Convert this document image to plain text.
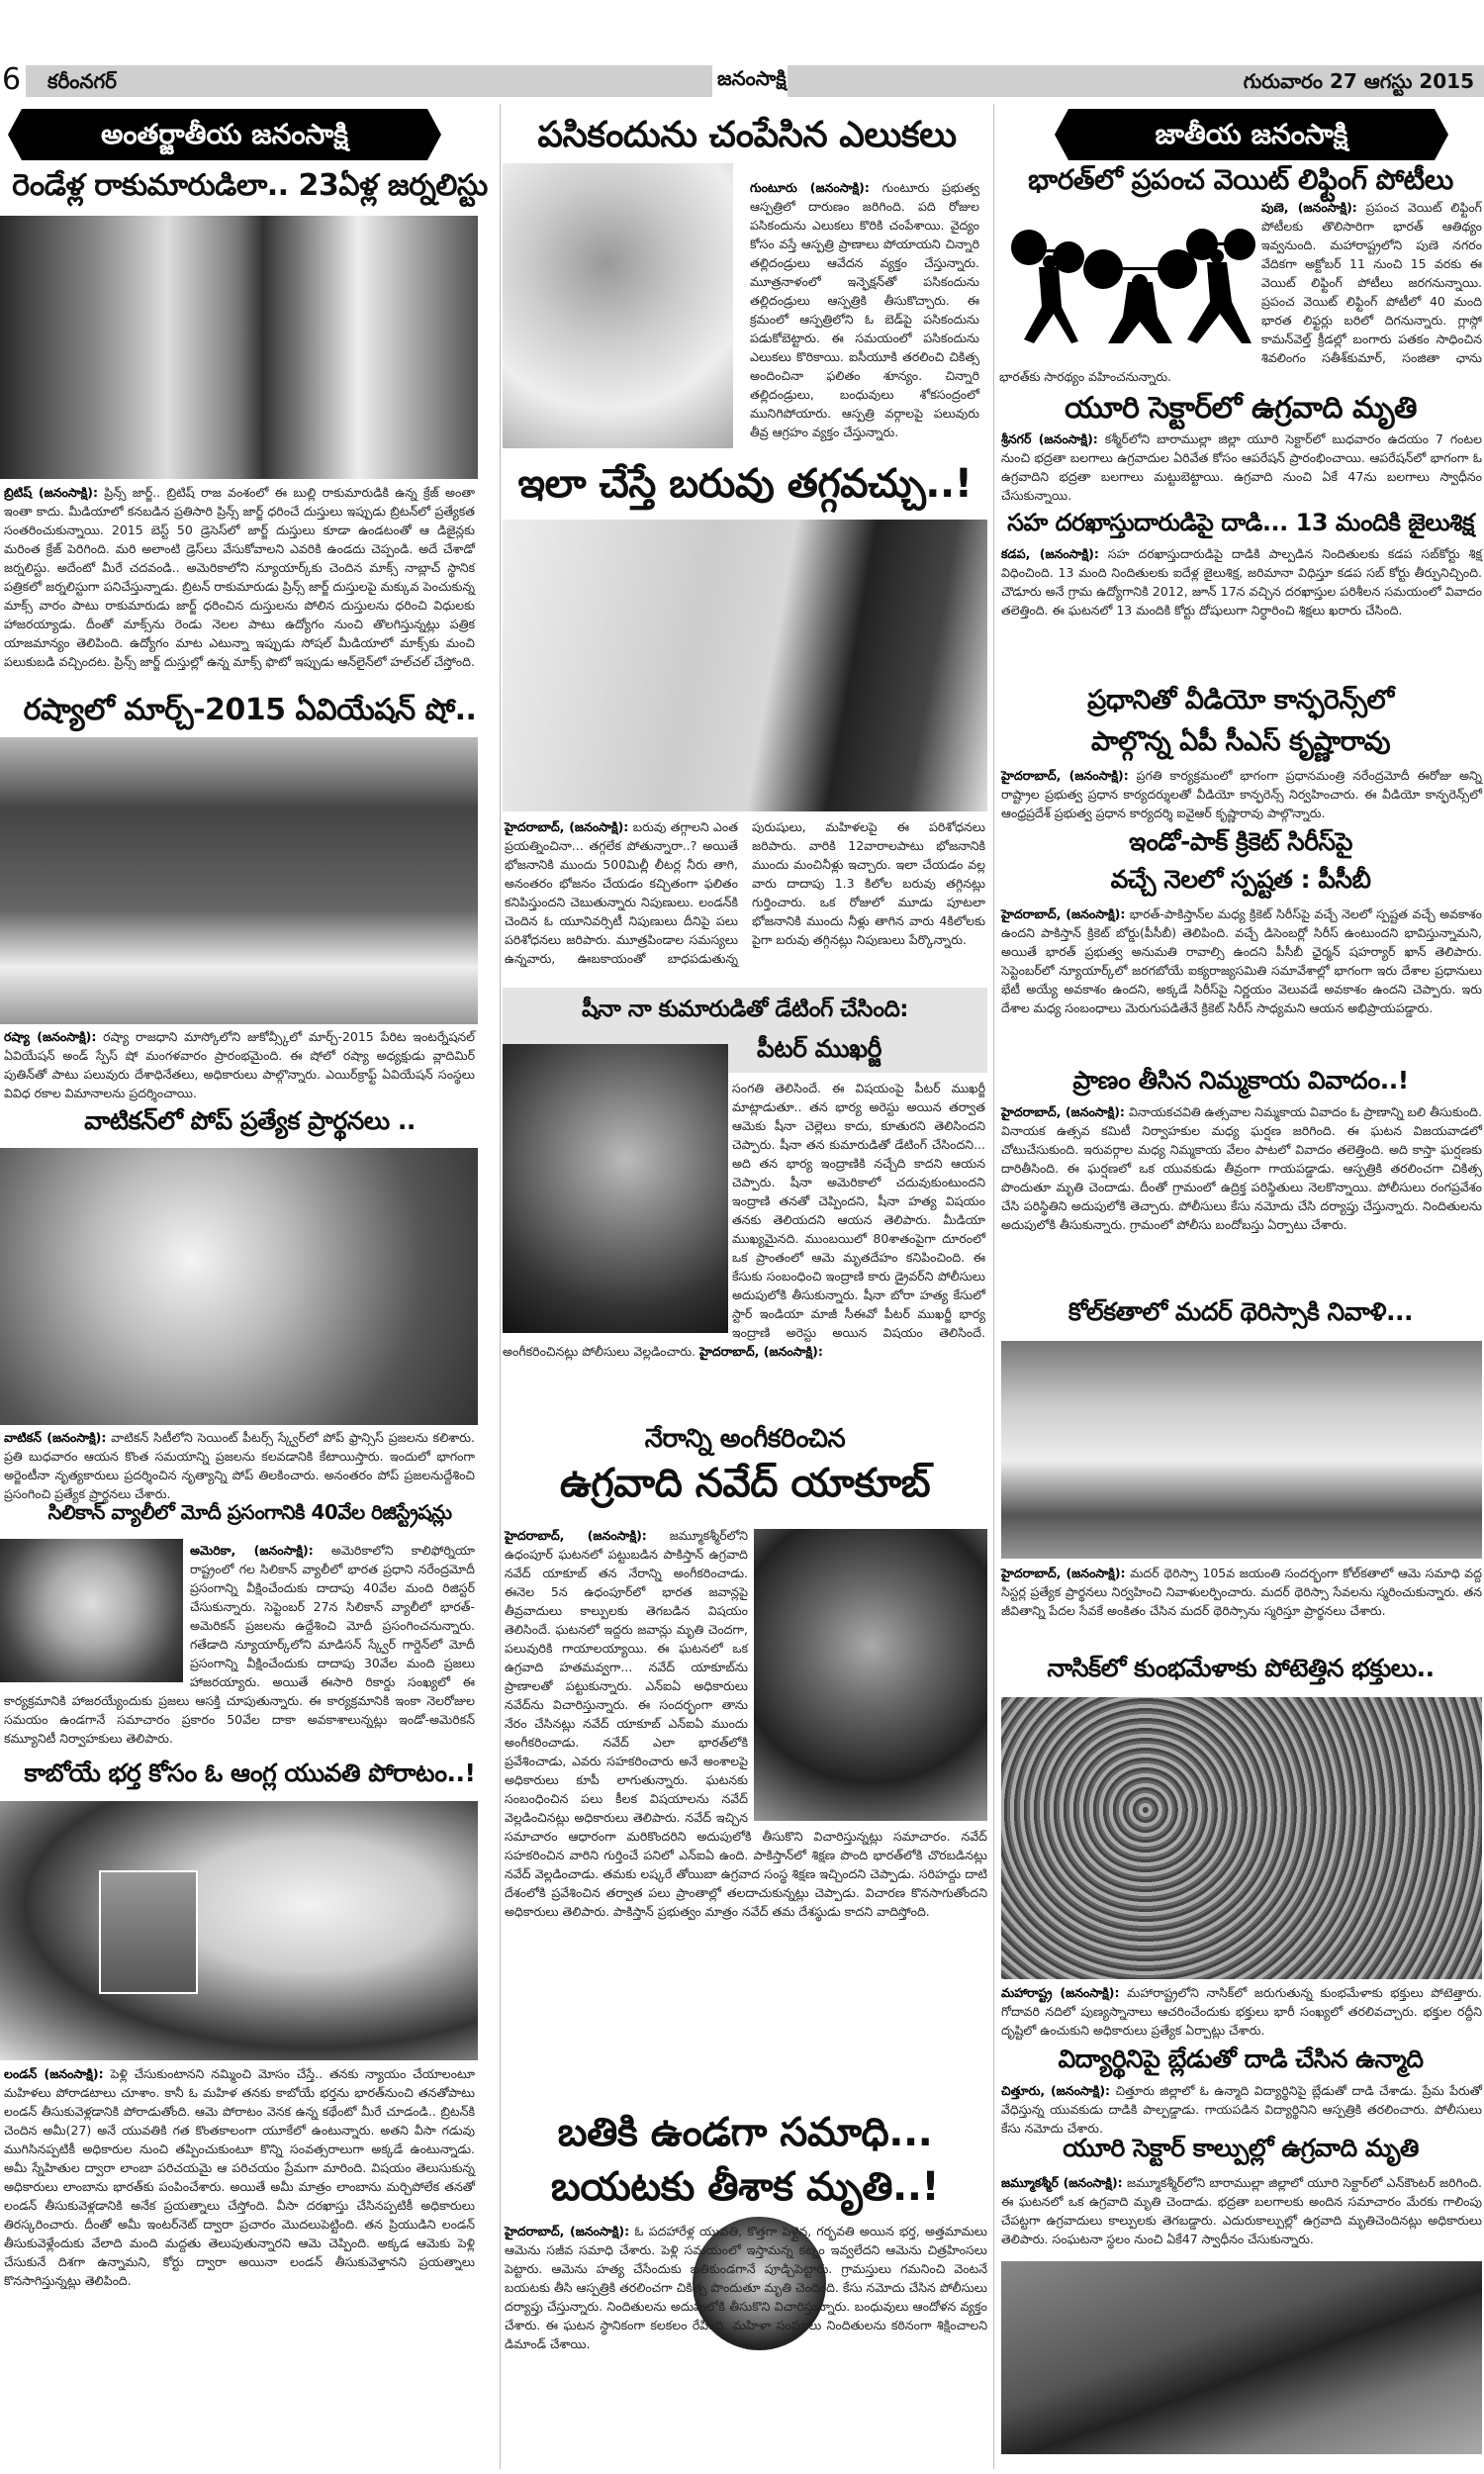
6 కరీంనగర్	జనంసాక్షి	గురువారం 27 ఆగస్టు 2015
అంతర్జాతీయ జనంసాక్షి
రెండేళ్ల రాకుమారుడిలా.. 23ఏళ్ల జర్నలిస్టు
బ్రిటిష్ (జనంసాక్షి): ప్రిన్స్ జార్జ్.. బ్రిటిష్ రాజ వంశంలో ఈ బుల్లి రాకుమారుడికి ఉన్న క్రేజ్ అంతా ఇంతా కాదు. మీడియాలో కనబడిన ప్రతిసారి ప్రిన్స్ జార్జ్ ధరించే దుస్తులు ఇప్పుడు బ్రిటన్‌లో ప్రత్యేకత సంతరించుకున్నాయి. 2015 బెస్ట్ 50 డ్రెసెస్‌లో జార్జ్ దుస్తులు కూడా ఉండటంతో ఆ డిజైన్లకు మరింత క్రేజ్ పెరిగింది. మరి అలాంటి డ్రెస్‌లు వేసుకోవాలని ఎవరికి ఉండదు చెప్పండి. అదే చేశాడో జర్నలిస్టు. అదేంటో మీరే చదవండి.. అమెరికాలోని న్యూయార్క్‌కు చెందిన మాక్స్ నాబ్లాచ్ స్థానిక పత్రికలో జర్నలిస్టుగా పనిచేస్తున్నాడు. బ్రిటన్ రాకుమారుడు ప్రిన్స్ జార్జ్ దుస్తులపై మక్కువ పెంచుకున్న మాక్స్ వారం పాటు రాకుమారుడు జార్జ్ ధరించిన దుస్తులను పోలిన దుస్తులను ధరించి విధులకు హాజరయ్యాడు. దీంతో మాక్స్‌ను రెండు నెలల పాటు ఉద్యోగం నుంచి తొలగిస్తున్నట్లు పత్రిక యాజమాన్యం తెలిపింది. ఉద్యోగం మాట ఎటున్నా ఇప్పుడు సోషల్ మీడియాలో మాక్స్‌కు మంచి పలుకుబడి వచ్చిందట. ప్రిన్స్ జార్జ్ దుస్తుల్లో ఉన్న మాక్స్ ఫొటో ఇప్పుడు ఆన్‌లైన్‌లో హల్‌చల్ చేస్తోంది.
రష్యాలో మార్చ్-2015 ఏవియేషన్ షో..
రష్యా (జనంసాక్షి): రష్యా రాజధాని మాస్కోలోని జుకోవ్స్కీలో మార్చ్-2015 పేరిట ఇంటర్నేషనల్ ఏవియేషన్ అండ్ స్పేస్ షో మంగళవారం ప్రారంభమైంది. ఈ షోలో రష్యా అధ్యక్షుడు వ్లాదిమిర్ పుతిన్‌తో పాటు పలువురు దేశాధినేతలు, అధికారులు పాల్గొన్నారు. ఎయిర్‌క్రాఫ్ట్ ఏవియేషన్ సంస్థలు వివిధ రకాల విమానాలను ప్రదర్శించాయి.
వాటికన్‌లో పోప్ ప్రత్యేక ప్రార్థనలు ..
వాటికన్ (జనంసాక్షి): వాటికన్ సిటీలోని సెయింట్ పీటర్స్ స్క్వేర్‌లో పోప్ ఫ్రాన్సిస్ ప్రజలను కలిశారు. ప్రతి బుధవారం ఆయన కొంత సమయాన్ని ప్రజలను కలవడానికి కేటాయిస్తారు. ఇందులో భాగంగా అర్జెంటీనా నృత్యకారులు ప్రదర్శించిన నృత్యాన్ని పోప్ తిలకించారు. అనంతరం పోప్ ప్రజలనుద్దేశించి ప్రసంగించి ప్రత్యేక ప్రార్థనలు చేశారు.
సిలికాన్ వ్యాలీలో మోదీ ప్రసంగానికి 40వేల రిజిస్ట్రేషన్లు
అమెరికా, (జనంసాక్షి): అమెరికాలోని కాలిఫోర్నియా రాష్ట్రంలో గల సిలికాన్ వ్యాలీలో భారత ప్రధాని నరేంద్రమోదీ ప్రసంగాన్ని వీక్షించేందుకు దాదాపు 40వేల మంది రిజిస్టర్ చేసుకున్నారు. సెప్టెంబర్ 27న సిలికాన్ వ్యాలీలో భారత్-అమెరికన్ ప్రజలను ఉద్దేశించి మోదీ ప్రసంగించనున్నారు. గతేడాది న్యూయార్క్‌లోని మాడిసన్ స్క్వేర్ గార్డెన్‌లో మోదీ ప్రసంగాన్ని వీక్షించేందుకు దాదాపు 30వేల మంది ప్రజలు హాజరయ్యారు. అయితే ఈసారి రికార్డు సంఖ్యలో ఈ కార్యక్రమానికి హాజరయ్యేందుకు ప్రజలు ఆసక్తి చూపుతున్నారు. ఈ కార్యక్రమానికి ఇంకా నెలరోజుల సమయం ఉండగానే సమాచారం ప్రకారం 50వేల దాకా అవకాశాలున్నట్లు ఇండో-అమెరికన్ కమ్యూనిటీ నిర్వాహకులు తెలిపారు.
కాబోయే భర్త కోసం ఓ ఆంగ్ల యువతి పోరాటం..!
లండన్ (జనంసాక్షి): పెళ్లి చేసుకుంటానని నమ్మించి మోసం చేస్తే.. తనకు న్యాయం చేయాలంటూ మహిళలు పోరాడటాలు చూశాం. కానీ ఓ మహిళ తనకు కాబోయే భర్తను భారత్‌నుంచి తనతోపాటు లండన్ తీసుకువెళ్లడానికి పోరాడుతోంది. ఆమె పోరాటం వెనక ఉన్న కథేంటో మీరే చూడండి.. బ్రిటన్‌కి చెందిన అమీ(27) అనే యువతికి గత కొంతకాలంగా యూకేలో ఉంటున్నారు. అతని వీసా గడువు ముగిసినప్పటికీ అధికారుల నుంచి తప్పించుకుంటూ కొన్ని సంవత్సరాలుగా అక్కడే ఉంటున్నాడు. అమీ స్నేహితుల ద్వారా లాంబా పరిచయమై ఆ పరిచయం ప్రేమగా మారింది. విషయం తెలుసుకున్న అధికారులు లాంబాను భారత్‌కు పంపించేశారు. అయితే అమీ మాత్రం లాంబాను మర్చిపోలేక తనతో లండన్ తీసుకువెళ్లడానికి అనేక ప్రయత్నాలు చేస్తోంది. వీసా దరఖాస్తు చేసినప్పటికీ అధికారులు తిరస్కరించారు. దీంతో అమీ ఇంటర్‌నెట్ ద్వారా ప్రచారం మొదలుపెట్టింది. తన ప్రియుడిని లండన్ తీసుకువెళ్లేందుకు వేలాది మంది మద్దతు తెలుపుతున్నారని ఆమె చెప్పింది. అక్కడ ఆమెకు పెళ్లి చేసుకునే దిశగా ఉన్నామని, కోర్టు ద్వారా అయినా లండన్ తీసుకువెళ్తానని ప్రయత్నాలు కొనసాగిస్తున్నట్లు తెలిపింది.
పసికందును చంపేసిన ఎలుకలు
గుంటూరు (జనంసాక్షి): గుంటూరు ప్రభుత్వ ఆస్పత్రిలో దారుణం జరిగింది. పది రోజుల పసికందును ఎలుకలు కొరికి చంపేశాయి. వైద్యం కోసం వస్తే ఆస్పత్రి ప్రాణాలు పోయాయని చిన్నారి తల్లిదండ్రులు ఆవేదన వ్యక్తం చేస్తున్నారు. మూత్రనాళంలో ఇన్ఫెక్షన్‌తో పసికందును తల్లిదండ్రులు ఆస్పత్రికి తీసుకొచ్చారు. ఈ క్రమంలో ఆస్పత్రిలోని ఓ బెడ్‌పై పసికందును పడుకోబెట్టారు. ఈ సమయంలో పసికందును ఎలుకలు కొరికాయి. ఐసీయూకి తరలించి చికిత్స అందించినా ఫలితం శూన్యం. చిన్నారి తల్లిదండ్రులు, బంధువులు శోకసంద్రంలో మునిగిపోయారు. ఆస్పత్రి వర్గాలపై పలువురు తీవ్ర ఆగ్రహం వ్యక్తం చేస్తున్నారు.
ఇలా చేస్తే బరువు తగ్గవచ్చు..!
హైదరాబాద్, (జనంసాక్షి): బరువు తగ్గాలని ఎంత ప్రయత్నించినా... తగ్గలేక పోతున్నారా..? అయితే భోజనానికి ముందు 500మిల్లీ లీటర్ల నీరు తాగి, అనంతరం భోజనం చేయడం కచ్చితంగా ఫలితం కనిపిస్తుందని చెబుతున్నారు నిపుణులు. లండన్‌కి చెందిన ఓ యూనివర్సిటీ నిపుణులు దీనిపై పలు పరిశోధనలు జరిపారు. మూత్రపిండాల సమస్యలు ఉన్నవారు, ఊబకాయంతో బాధపడుతున్న పురుషులు, మహిళలపై ఈ పరిశోధనలు జరిపారు. వారికి 12వారాలపాటు భోజనానికి ముందు మంచినీళ్లు ఇచ్చారు. ఇలా చేయడం వల్ల వారు దాదాపు 1.3 కిలోల బరువు తగ్గినట్లు గుర్తించారు. ఒక రోజులో మూడు పూటలా భోజనానికి ముందు నీళ్లు తాగిన వారు 4కిలోలకు పైగా బరువు తగ్గినట్లు నిపుణులు పేర్కొన్నారు.
షీనా నా కుమారుడితో డేటింగ్ చేసింది:
పీటర్ ముఖర్జీ
సంగతి తెలిసిందే. ఈ విషయంపై పీటర్ ముఖర్జీ మాట్లాడుతూ.. తన భార్య అరెస్టు అయిన తర్వాత ఆమెకు షీనా చెల్లెలు కాదు, కూతురని తెలిసిందని చెప్పారు. షీనా తన కుమారుడితో డేటింగ్ చేసిందని... అది తన భార్య ఇంద్రాణికి నచ్చేది కాదని ఆయన చెప్పారు. షీనా అమెరికాలో చదువుకుంటుందని ఇంద్రాణి తనతో చెప్పిందని, షీనా హత్య విషయం తనకు తెలియదని ఆయన తెలిపారు. మీడియా ముఖ్యమైనది. ముంబయిలో 80శాతంపైగా దూరంలో ఒక ప్రాంతంలో ఆమె మృతదేహం కనిపించింది. ఈ కేసుకు సంబంధించి ఇంద్రాణి కారు డ్రైవర్‌ని పోలీసులు అదుపులోకి తీసుకున్నారు. షీనా బోరా హత్య కేసులో స్టార్ ఇండియా మాజీ సీఈవో పీటర్ ముఖర్జీ భార్య ఇంద్రాణి అరెస్టు అయిన విషయం తెలిసిందే. అంగీకరించినట్లు పోలీసులు వెల్లడించారు. హైదరాబాద్, (జనంసాక్షి):
నేరాన్ని అంగీకరించిన
ఉగ్రవాది నవేద్ యాకూబ్
హైదరాబాద్, (జనంసాక్షి): జమ్మూకశ్మీర్‌లోని ఉధంపూర్ ఘటనలో పట్టుబడిన పాకిస్తాన్ ఉగ్రవాది నవేద్ యాకూబ్ తన నేరాన్ని అంగీకరించాడు. ఈనెల 5న ఉధంపూర్‌లో భారత జవాన్లపై తీవ్రవాదులు కాల్పులకు తెగబడిన విషయం తెలిసిందే. ఘటనలో ఇద్దరు జవాన్లు మృతి చెందగా, పలువురికి గాయాలయ్యాయి. ఈ ఘటనలో ఒక ఉగ్రవాది హతమవ్వగా... నవేద్ యాకూబ్‌ను ప్రాణాలతో పట్టుకున్నారు. ఎన్‌ఐఏ అధికారులు నవేద్‌ను విచారిస్తున్నారు. ఈ సందర్భంగా తాను నేరం చేసినట్లు నవేద్ యాకూబ్ ఎన్‌ఐఏ ముందు అంగీకరించాడు. నవేద్ ఎలా భారత్‌లోకి ప్రవేశించాడు, ఎవరు సహకరించారు అనే అంశాలపై అధికారులు కూపీ లాగుతున్నారు. ఘటనకు సంబంధించిన పలు కీలక విషయాలను నవేద్ వెల్లడించినట్లు అధికారులు తెలిపారు. నవేద్ ఇచ్చిన సమాచారం ఆధారంగా మరికొందరిని అదుపులోకి తీసుకొని విచారిస్తున్నట్లు సమాచారం. నవేద్ సహకరించిన వారిని గుర్తించే పనిలో ఎన్‌ఐఏ ఉంది. పాకిస్తాన్‌లో శిక్షణ పొంది భారత్‌లోకి చొరబడినట్లు నవేద్ వెల్లడించాడు. తమకు లష్కరే తోయిబా ఉగ్రవాద సంస్థ శిక్షణ ఇచ్చిందని చెప్పాడు. సరిహద్దు దాటి దేశంలోకి ప్రవేశించిన తర్వాత పలు ప్రాంతాల్లో తలదాచుకున్నట్లు చెప్పాడు. విచారణ కొనసాగుతోందని అధికారులు తెలిపారు. పాకిస్తాన్ ప్రభుత్వం మాత్రం నవేద్ తమ దేశస్థుడు కాదని వాదిస్తోంది.
బతికి ఉండగా సమాధి...
బయటకు తీశాక మృతి..!
హైదరాబాద్, (జనంసాక్షి): ఓ పదహారేళ్ల యువతి, కొత్తగా పెళ్లైన, గర్భవతి అయిన భర్త, అత్తమామలు ఆమెను సజీవ సమాధి చేశారు. పెళ్లి సమయంలో ఇస్తామన్న కట్నం ఇవ్వలేదని ఆమెను చిత్రహింసలు పెట్టారు. ఆమెను హత్య చేసేందుకు బతికుండగానే పూడ్చిపెట్టారు. గ్రామస్తులు గమనించి వెంటనే బయటకు తీసి ఆస్పత్రికి తరలించగా చికిత్స పొందుతూ మృతి చెందింది. కేసు నమోదు చేసిన పోలీసులు దర్యాప్తు చేస్తున్నారు. నిందితులను అదుపులోకి తీసుకొని విచారిస్తున్నారు. బంధువులు ఆందోళన వ్యక్తం చేశారు. ఈ ఘటన స్థానికంగా కలకలం రేపింది. మహిళా సంఘాలు నిందితులను కఠినంగా శిక్షించాలని డిమాండ్ చేశాయి.
జాతీయ జనంసాక్షి
భారత్‌లో ప్రపంచ వెయిట్ లిఫ్టింగ్ పోటీలు
పుణె, (జనంసాక్షి): ప్రపంచ వెయిట్ లిఫ్టింగ్ పోటీలకు తొలిసారిగా భారత్ ఆతిథ్యం ఇవ్వనుంది. మహారాష్ట్రలోని పుణె నగరం వేదికగా అక్టోబర్ 11 నుంచి 15 వరకు ఈ వెయిట్ లిఫ్టింగ్ పోటీలు జరగనున్నాయి. ప్రపంచ వెయిట్ లిఫ్టింగ్ పోటీలో 40 మంది భారత లిఫ్టర్లు బరిలో దిగనున్నారు. గ్లాస్గో కామన్‌వెల్త్ క్రీడల్లో బంగారు పతకం సాధించిన శివలింగం సతీశ్‌కుమార్, సంజితా ఛాను భారత్‌కు సారథ్యం వహించనున్నారు.
యూరి సెక్టార్‌లో ఉగ్రవాది మృతి
శ్రీనగర్ (జనంసాక్షి): కశ్మీర్‌లోని బారాముల్లా జిల్లా యూరి సెక్టార్‌లో బుధవారం ఉదయం 7 గంటల నుంచి భద్రతా బలగాలు ఉగ్రవాదుల ఏరివేత కోసం ఆపరేషన్ ప్రారంభించాయి. ఆపరేషన్‌లో భాగంగా ఓ ఉగ్రవాదిని భద్రతా బలగాలు మట్టుబెట్టాయి. ఉగ్రవాది నుంచి ఏకే 47ను బలగాలు స్వాధీనం చేసుకున్నాయి.
సహ దరఖాస్తుదారుడిపై దాడి... 13 మందికి జైలుశిక్ష
కడప, (జనంసాక్షి): సహ దరఖాస్తుదారుడిపై దాడికి పాల్పడిన నిందితులకు కడప సబ్‌కోర్టు శిక్ష విధించింది. 13 మంది నిందితులకు ఐదేళ్ల జైలుశిక్ష, జరిమానా విధిస్తూ కడప సబ్ కోర్టు తీర్పునిచ్చింది. చౌడూరు అనే గ్రామ ఉద్యోగానికి 2012, జూన్ 17న వచ్చిన దరఖాస్తుల పరిశీలన సమయంలో వివాదం తలెత్తింది. ఈ ఘటనలో 13 మందికి కోర్టు దోషులుగా నిర్ధారించి శిక్షలు ఖరారు చేసింది.
ప్రధానితో వీడియో కాన్ఫరెన్స్‌లో
పాల్గొన్న ఏపీ సీఎస్ కృష్ణారావు
హైదరాబాద్, (జనంసాక్షి): ప్రగతి కార్యక్రమంలో భాగంగా ప్రధానమంత్రి నరేంద్రమోదీ ఈరోజు అన్ని రాష్ట్రాల ప్రభుత్వ ప్రధాన కార్యదర్శులతో వీడియో కాన్ఫరెన్స్ నిర్వహించారు. ఈ వీడియో కాన్ఫరెన్స్‌లో ఆంధ్రప్రదేశ్ ప్రభుత్వ ప్రధాన కార్యదర్శి ఐవైఆర్ కృష్ణారావు పాల్గొన్నారు.
ఇండో-పాక్ క్రికెట్ సిరీస్‌పై
వచ్చే నెలలో స్పష్టత : పీసీబీ
హైదరాబాద్, (జనంసాక్షి): భారత్-పాకిస్తాన్‌ల మధ్య క్రికెట్ సిరీస్‌పై వచ్చే నెలలో స్పష్టత వచ్చే అవకాశం ఉందని పాకిస్తాన్ క్రికెట్ బోర్డు(పీసీబీ) తెలిపింది. వచ్చే డిసెంబర్లో సిరీస్ ఉంటుందని భావిస్తున్నామని, అయితే భారత్ ప్రభుత్వ అనుమతి రావాల్సి ఉందని పీసీబీ ఛైర్మన్ షహర్యార్ ఖాన్ తెలిపారు. సెప్టెంబర్‌లో న్యూయార్క్‌లో జరగబోయే ఐక్యరాజ్యసమితి సమావేశాల్లో భాగంగా ఇరు దేశాల ప్రధానులు భేటీ అయ్యే అవకాశం ఉందని, అక్కడే సిరీస్‌పై నిర్ణయం వెలువడే అవకాశం ఉందని చెప్పారు. ఇరు దేశాల మధ్య సంబంధాలు మెరుగుపడితేనే క్రికెట్ సిరీస్ సాధ్యమని ఆయన అభిప్రాయపడ్డారు.
ప్రాణం తీసిన నిమ్మకాయ వివాదం..!
హైదరాబాద్, (జనంసాక్షి): వినాయకచవితి ఉత్సవాల నిమ్మకాయ వివాదం ఓ ప్రాణాన్ని బలి తీసుకుంది. వినాయక ఉత్సవ కమిటీ నిర్వాహకుల మధ్య ఘర్షణ జరిగింది. ఈ ఘటన విజయవాడలో చోటుచేసుకుంది. ఇరువర్గాల మధ్య నిమ్మకాయ వేలం పాటలో వివాదం తలెత్తింది. అది కాస్తా ఘర్షణకు దారితీసింది. ఈ ఘర్షణలో ఒక యువకుడు తీవ్రంగా గాయపడ్డాడు. ఆస్పత్రికి తరలించగా చికిత్స పొందుతూ మృతి చెందాడు. దీంతో గ్రామంలో ఉద్రిక్త పరిస్థితులు నెలకొన్నాయి. పోలీసులు రంగప్రవేశం చేసి పరిస్థితిని అదుపులోకి తెచ్చారు. పోలీసులు కేసు నమోదు చేసి దర్యాప్తు చేస్తున్నారు. నిందితులను అదుపులోకి తీసుకున్నారు. గ్రామంలో పోలీసు బందోబస్తు ఏర్పాటు చేశారు.
కోల్‌కతాలో మదర్ థెరిస్సాకి నివాళి...
హైదరాబాద్, (జనంసాక్షి): మదర్ థెరిస్సా 105వ జయంతి సందర్భంగా కోల్‌కతాలో ఆమె సమాధి వద్ద సిస్టర్ల ప్రత్యేక ప్రార్థనలు నిర్వహించి నివాళులర్పించారు. మదర్ థెరిస్సా సేవలను స్మరించుకున్నారు. తన జీవితాన్ని పేదల సేవకే అంకితం చేసిన మదర్ థెరిస్సాను స్మరిస్తూ ప్రార్థనలు చేశారు.
నాసిక్‌లో కుంభమేళాకు పోటెత్తిన భక్తులు..
మహారాష్ట్ర (జనంసాక్షి): మహారాష్ట్రలోని నాసిక్‌లో జరుగుతున్న కుంభమేళాకు భక్తులు పోటెత్తారు. గోదావరి నదిలో పుణ్యస్నానాలు ఆచరించేందుకు భక్తులు భారీ సంఖ్యలో తరలివచ్చారు. భక్తుల రద్దీని దృష్టిలో ఉంచుకుని అధికారులు ప్రత్యేక ఏర్పాట్లు చేశారు.
విద్యార్థినిపై బ్లేడుతో దాడి చేసిన ఉన్మాది
చిత్తూరు, (జనంసాక్షి): చిత్తూరు జిల్లాలో ఓ ఉన్మాది విద్యార్థినిపై బ్లేడుతో దాడి చేశాడు. ప్రేమ పేరుతో వేధిస్తున్న యువకుడు దాడికి పాల్పడ్డాడు. గాయపడిన విద్యార్థినిని ఆస్పత్రికి తరలించారు. పోలీసులు కేసు నమోదు చేశారు.
యూరి సెక్టార్ కాల్పుల్లో ఉగ్రవాది మృతి
జమ్మూకశ్మీర్ (జనంసాక్షి): జమ్మూకశ్మీర్‌లోని బారాముల్లా జిల్లాలో యూరి సెక్టార్‌లో ఎన్‌కౌంటర్ జరిగింది. ఈ ఘటనలో ఒక ఉగ్రవాది మృతి చెందాడు. భద్రతా బలగాలకు అందిన సమాచారం మేరకు గాలింపు చేపట్టగా ఉగ్రవాదులు కాల్పులకు తెగబడ్డారు. ఎదురుకాల్పుల్లో ఉగ్రవాది మృతిచెందినట్లు అధికారులు తెలిపారు. సంఘటనా స్థలం నుంచి ఏకే47 స్వాధీనం చేసుకున్నారు.
